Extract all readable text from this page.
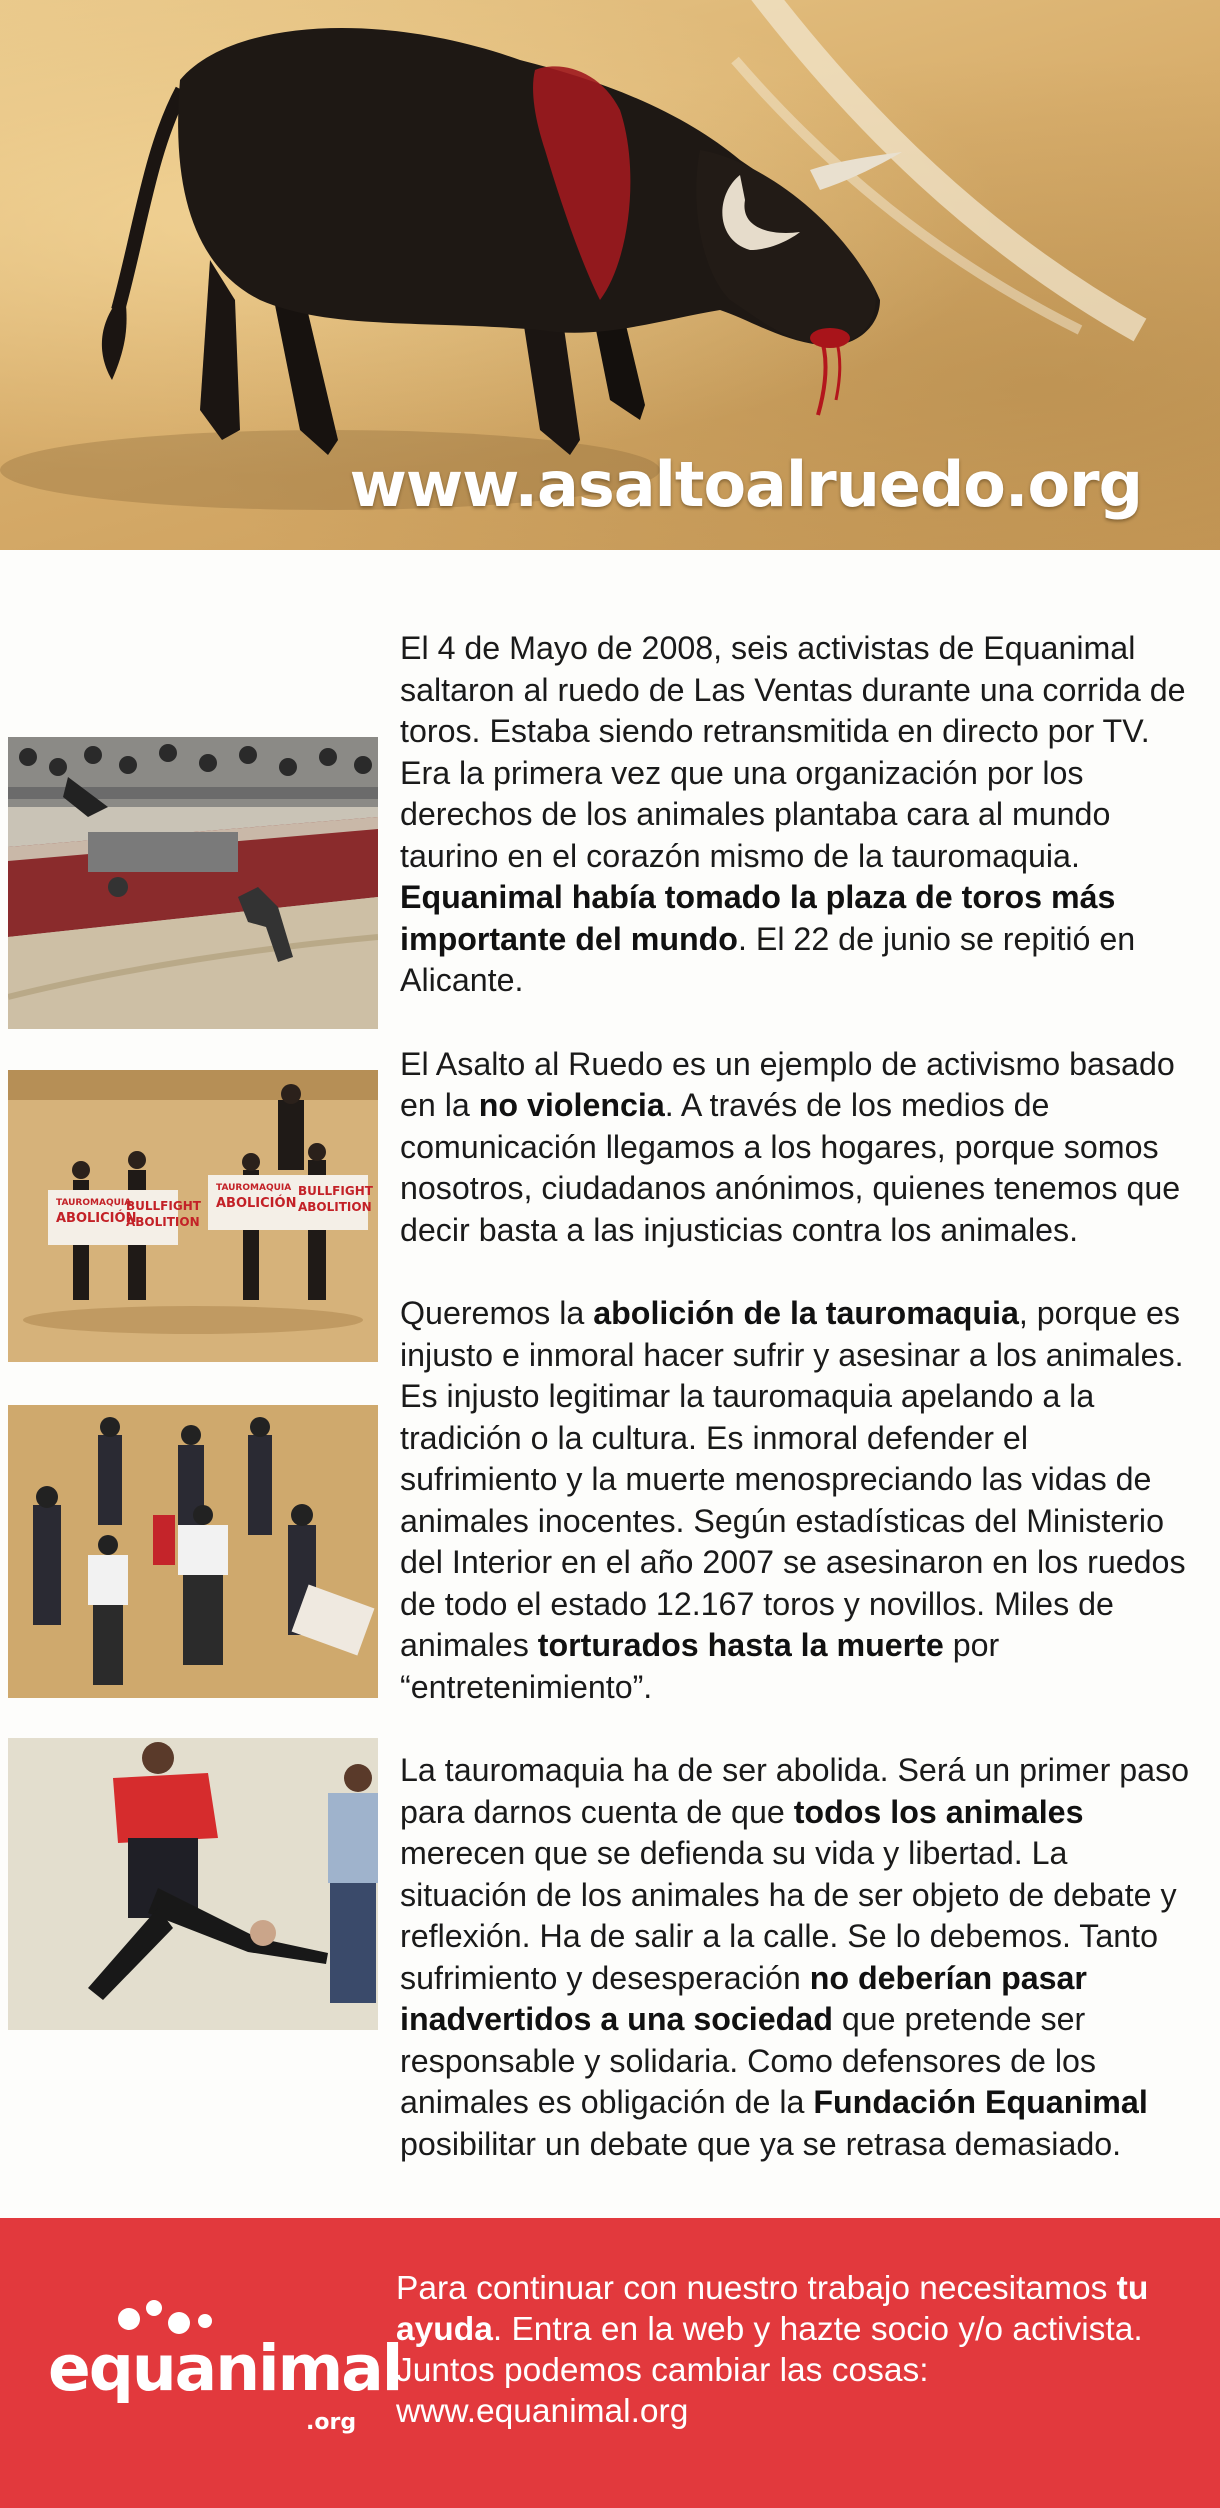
www.asaltoalruedo.org
TAUROMAQUIA
ABOLICIÓN
BULLFIGHT
ABOLITION
TAUROMAQUIA
ABOLICIÓN
BULLFIGHT
ABOLITION

El 4 de Mayo de 2008, seis activistas de Equanimal saltaron al ruedo de Las Ventas durante una corrida de toros. Estaba siendo retransmitida en directo por TV. Era la primera vez que una organización por los derechos de los animales plantaba cara al mundo taurino en el corazón mismo de la tauromaquia. Equanimal había tomado la plaza de toros más importante del mundo. El 22 de junio se repitió en Alicante.

El Asalto al Ruedo es un ejemplo de activismo basado en la no violencia. A través de los medios de comunicación llegamos a los hogares, porque somos nosotros, ciudadanos anónimos, quienes tenemos que decir basta a las injusticias contra los animales.

Queremos la abolición de la tauromaquia, porque es injusto e inmoral hacer sufrir y asesinar a los animales. Es injusto legitimar la tauromaquia apelando a la tradición o la cultura. Es inmoral defender el sufrimiento y la muerte menospreciando las vidas de animales inocentes. Según estadísticas del Ministerio del Interior en el año 2007 se asesinaron en los ruedos de todo el estado 12.167 toros y novillos. Miles de animales torturados hasta la muerte por “entretenimiento”.

La tauromaquia ha de ser abolida. Será un primer paso para darnos cuenta de que todos los animales merecen que se defienda su vida y libertad. La situación de los animales ha de ser objeto de debate y reflexión. Ha de salir a la calle. Se lo debemos. Tanto sufrimiento y desesperación no deberían pasar inadvertidos a una sociedad que pretende ser responsable y solidaria. Como defensores de los animales es obligación de la Fundación Equanimal posibilitar un debate que ya se retrasa demasiado.

equanimal
.org
Para continuar con nuestro trabajo necesitamos tu ayuda. Entra en la web y hazte socio y/o activista. Juntos podemos cambiar las cosas: www.equanimal.org
